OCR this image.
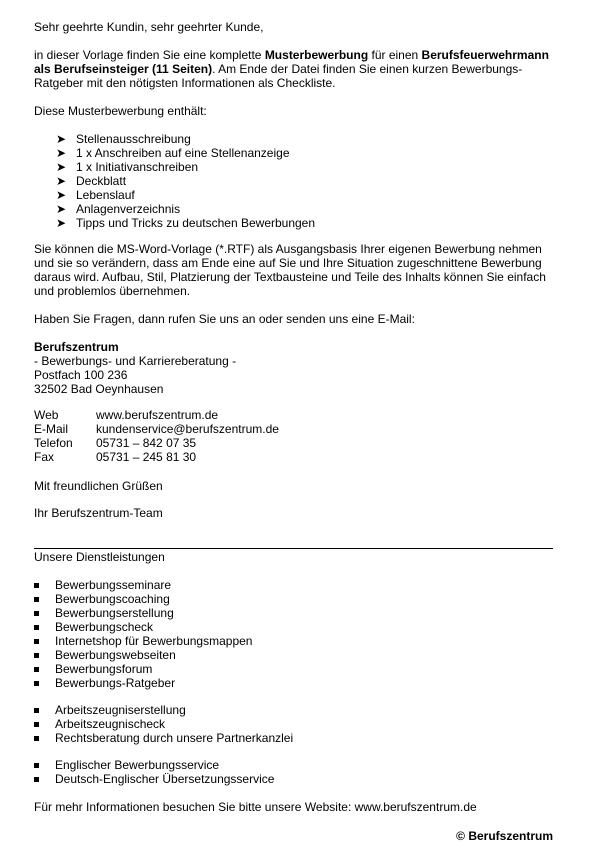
Sehr geehrte Kundin, sehr geehrter Kunde,
in dieser Vorlage finden Sie eine komplette Musterbewerbung für einen Berufsfeuerwehrmann
als Berufseinsteiger (11 Seiten). Am Ende der Datei finden Sie einen kurzen Bewerbungs-
Ratgeber mit den nötigsten Informationen als Checkliste.
Diese Musterbewerbung enthält:
➤ Stellenausschreibung
➤ 1 x Anschreiben auf eine Stellenanzeige
➤ 1 x Initiativanschreiben
➤ Deckblatt
➤ Lebenslauf
➤ Anlagenverzeichnis
➤ Tipps und Tricks zu deutschen Bewerbungen
Sie können die MS-Word-Vorlage (*.RTF) als Ausgangsbasis Ihrer eigenen Bewerbung nehmen
und sie so verändern, dass am Ende eine auf Sie und Ihre Situation zugeschnittene Bewerbung
daraus wird. Aufbau, Stil, Platzierung der Textbausteine und Teile des Inhalts können Sie einfach
und problemlos übernehmen.
Haben Sie Fragen, dann rufen Sie uns an oder senden uns eine E-Mail:
Berufszentrum
- Bewerbungs- und Karriereberatung -
Postfach 100 236
32502 Bad Oeynhausen
Web	www.berufszentrum.de
E-Mail kundenservice@berufszentrum.de
Telefon 05731 – 842 07 35
Fax	05731 – 245 81 30
Mit freundlichen Grüßen
Ihr Berufszentrum-Team
Unsere Dienstleistungen
Bewerbungsseminare
Bewerbungscoaching
Bewerbungserstellung
Bewerbungscheck
Internetshop für Bewerbungsmappen
Bewerbungswebseiten
Bewerbungsforum
Bewerbungs-Ratgeber
Arbeitszeugniserstellung
Arbeitszeugnischeck
Rechtsberatung durch unsere Partnerkanzlei
Englischer Bewerbungsservice
Deutsch-Englischer Übersetzungsservice
Für mehr Informationen besuchen Sie bitte unsere Website: www.berufszentrum.de
© Berufszentrum
